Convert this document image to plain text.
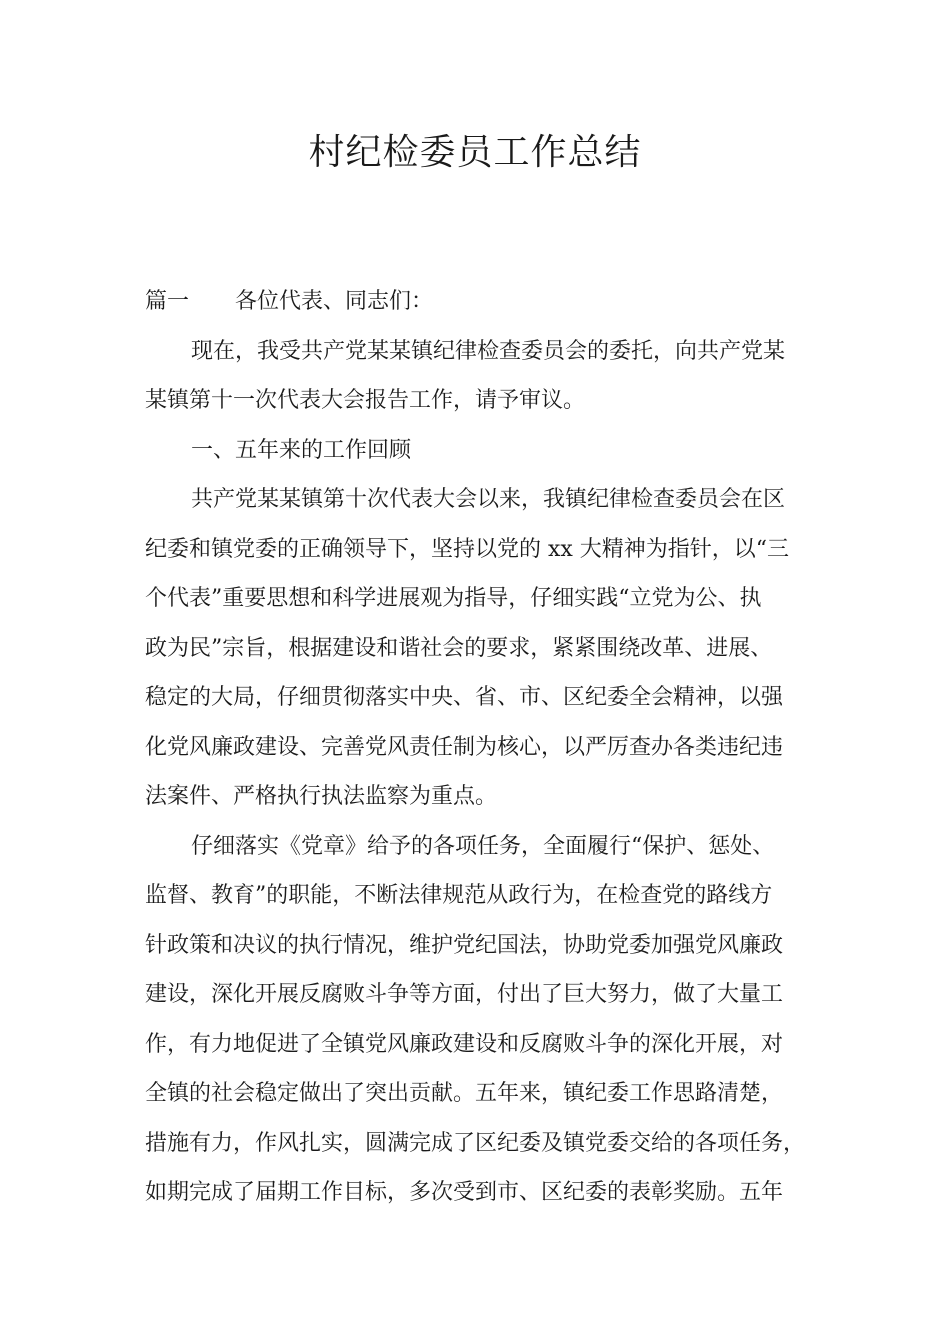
村纪检委员工作总结
篇一 各位代表、同志们：
现在，我受共产党某某镇纪律检查委员会的委托，向共产党某
某镇第十一次代表大会报告工作，请予审议。
一、五年来的工作回顾
共产党某某镇第十次代表大会以来，我镇纪律检查委员会在区
纪委和镇党委的正确领导下，坚持以党的 xx 大精神为指针，以“三
个代表”重要思想和科学进展观为指导，仔细实践“立党为公、执
政为民”宗旨，根据建设和谐社会的要求，紧紧围绕改革、进展、
稳定的大局，仔细贯彻落实中央、省、市、区纪委全会精神，以强
化党风廉政建设、完善党风责任制为核心，以严厉查办各类违纪违
法案件、严格执行执法监察为重点。
仔细落实《党章》给予的各项任务，全面履行“保护、惩处、
监督、教育”的职能，不断法律规范从政行为，在检查党的路线方
针政策和决议的执行情况，维护党纪国法，协助党委加强党风廉政
建设，深化开展反腐败斗争等方面，付出了巨大努力，做了大量工
作，有力地促进了全镇党风廉政建设和反腐败斗争的深化开展，对
全镇的社会稳定做出了突出贡献。五年来，镇纪委工作思路清楚，
措施有力，作风扎实，圆满完成了区纪委及镇党委交给的各项任务，
如期完成了届期工作目标，多次受到市、区纪委的表彰奖励。五年
